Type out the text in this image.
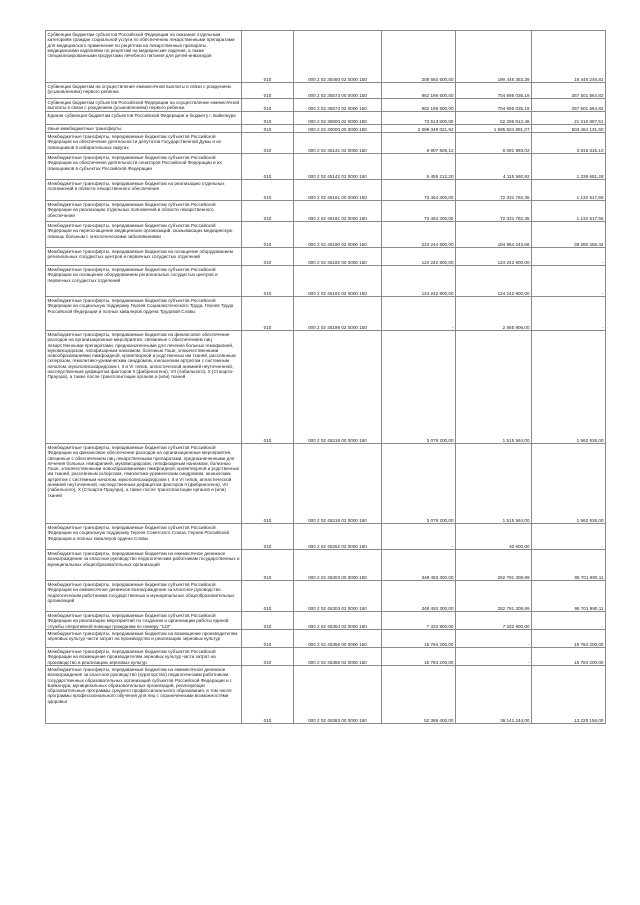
Субвенции бюджетам субъектов Российской Федерации на оказание отдельным категориям граждан социальной услуги по обеспечению лекарственными препаратами для медицинского применения по рецептам на лекарственные препараты, медицинскими изделиями по рецептам на медицинские изделия, а также специализированными продуктами лечебного питания для детей-инвалидов	010	000 2 02 35460 02 0000 150	208 692 600,00	190 446 353,39	18 446 246,81
Субвенции бюджетам на осуществление ежемесячной выплаты в связи с рождением (усыновлением) первого ребенка	010	000 2 02 35573 00 0000 150	962 196 600,00	704 695 035,18	257 501 564,82
Субвенции бюджетам субъектов Российской Федерации на осуществление ежемесячной выплаты в связи с рождением (усыновлением) первого ребенка	010	000 2 02 35573 02 0000 150	962 196 600,00	704 695 035,18	257 501 564,82
Единая субвенция бюджетам субъектов Российской Федерации и бюджету г. Байконура	010	000 2 02 35900 02 0000 150	73 513 900,00	52 296 912,49	21 216 987,51
Иные межбюджетные трансферты	010	000 2 02 40000 00 0000 150	2 099 349 021,92	1 595 834 891,07	503 464 131,60
Межбюджетные трансферты, передаваемые бюджетам субъектов Российской Федерации на обеспечение деятельности депутатов Государственной Думы и их помощников в избирательных округах	010	000 2 02 45141 02 0000 150	9 907 609,12	6 091 993,02	3 815 616,10
Межбюджетные трансферты, передаваемые бюджетам субъектов Российской Федерации на обеспечение деятельности сенаторов Российской Федерации и их помощников в субъектах Российской Федерации	010	000 2 02 45142 02 0000 150	5 455 212,20	4 115 560,92	1 339 651,28
Межбюджетные трансферты, передаваемые бюджетам на реализацию отдельных полномочий в области лекарственного обеспечения	010	000 2 02 45161 00 0000 150	73 464 300,00	72 331 782,35	1 132 517,65
Межбюджетные трансферты, передаваемые бюджетам субъектов Российской Федерации на реализацию отдельных полномочий в области лекарственного обеспечения	010	000 2 02 45161 02 0000 150	73 464 300,00	72 331 782,35	1 132 517,65
Межбюджетные трансферты, передаваемые бюджетам субъектов Российской Федерации на переоснащение медицинских организаций, оказывающих медицинскую помощь больным с онкологическими заболеваниями	010	000 2 02 45190 02 0000 150	224 244 600,00	184 964 243,66	39 280 356,34
Межбюджетные трансферты, передаваемые бюджетам на оснащение оборудованием региональных сосудистых центров и первичных сосудистых отделений	010	000 2 02 45192 00 0000 150	124 242 800,00	124 242 800,00	-
Межбюджетные трансферты, передаваемые бюджетам субъектов Российской Федерации на оснащение оборудованием региональных сосудистых центров и первичных сосудистых отделений	010	000 2 02 45192 02 0000 150	124 242 800,00	124 242 800,00	-
Межбюджетные трансферты, передаваемые бюджетам субъектов Российской Федерации на социальную поддержку Героев Социалистического Труда, Героев Труда Российской Федерации и полных кавалеров ордена Трудовой Славы	010	000 2 02 45198 02 0000 150	-	2 955 906,00	-
Межбюджетные трансферты, передаваемые бюджетам на финансовое обеспечение расходов на организационные мероприятия, связанные с обеспечением лиц лекарственными препаратами, предназначенными для лечения больных гемофилией, муковисцидозом, гипофизарным нанизмом, болезнью Гоше, злокачественными новообразованиями лимфоидной, кроветворной и родственных им тканей, рассеянным склерозом, гемолитико-уремическим синдромом, юношеским артритом с системным началом, мукополисахаридозом I, II и VI типов, апластической анемией неуточненной, наследственным дефицитом факторов II (фибриногена), VII (лабильного), X (Стюарта-Прауэра), а также после трансплантации органов и (или) тканей	010	000 2 02 45216 00 0000 150	3 078 200,00	1 515 564,00	1 562 636,00
Межбюджетные трансферты, передаваемые бюджетам субъектов Российской Федерации на финансовое обеспечение расходов на организационные мероприятия, связанные с обеспечением лиц лекарственными препаратами, предназначенными для лечения больных гемофилией, муковисцидозом, гипофизарным нанизмом, болезнью Гоше, злокачественными новообразованиями лимфоидной, кроветворной и родственных им тканей, рассеянным склерозом, гемолитико-уремическим синдромом, юношеским артритом с системным началом, мукополисахаридозом I, II и VI типов, апластической анемией неуточненной, наследственным дефицитом факторов II (фибриногена), VII (лабильного), X (Стюарта-Прауэра), а также после трансплантации органов и (или) тканей	010	000 2 02 45216 02 0000 150	3 078 200,00	1 515 564,00	1 562 636,00
Межбюджетные трансферты, передаваемые бюджетам субъектов Российской Федерации на социальную поддержку Героев Советского Союза, Героев Российской Федерации и полных кавалеров ордена Славы	010	000 2 02 45252 02 0000 150	-	40 600,00	-
Межбюджетные трансферты, передаваемые бюджетам на ежемесячное денежное вознаграждение за классное руководство педагогическим работникам государственных и муниципальных общеобразовательных организаций	010	000 2 02 45303 00 0000 150	348 493 300,00	252 791 309,89	95 701 990,11
Межбюджетные трансферты, передаваемые бюджетам субъектов Российской Федерации на ежемесячное денежное вознаграждение за классное руководство педагогическим работникам государственных и муниципальных общеобразовательных организаций	010	000 2 02 45303 02 0000 150	348 493 300,00	252 791 309,89	95 701 990,11
Межбюджетные трансферты, передаваемые бюджетам субъектов Российской Федерации на реализацию мероприятий по созданию и организации работы единой службы оперативной помощи гражданам по номеру "122"	010	000 2 02 45354 02 0000 150	7 332 900,00	7 332 900,00	-
Межбюджетные трансферты, передаваемые бюджетам на возмещение производителям зерновых культур части затрат на производство и реализацию зерновых культур	010	000 2 02 45358 00 0000 150	15 784 200,00	-	15 784 200,00
Межбюджетные трансферты, передаваемые бюджетам субъектов Российской Федерации на возмещение производителям зерновых культур части затрат на производство и реализацию зерновых культур	010	000 2 02 45358 02 0000 150	15 784 200,00	-	15 784 200,00
Межбюджетные трансферты, передаваемые бюджетам на ежемесячное денежное вознаграждение за классное руководство (кураторство) педагогическим работникам государственных образовательных организаций субъектов Российской Федерации и г. Байконура, муниципальных образовательных организаций, реализующих образовательные программы среднего профессионального образования, в том числе программы профессионального обучения для лиц с ограниченными возможностями здоровья	010	000 2 02 45363 00 0000 150	52 366 400,00	39 141 244,00	13 225 156,00
